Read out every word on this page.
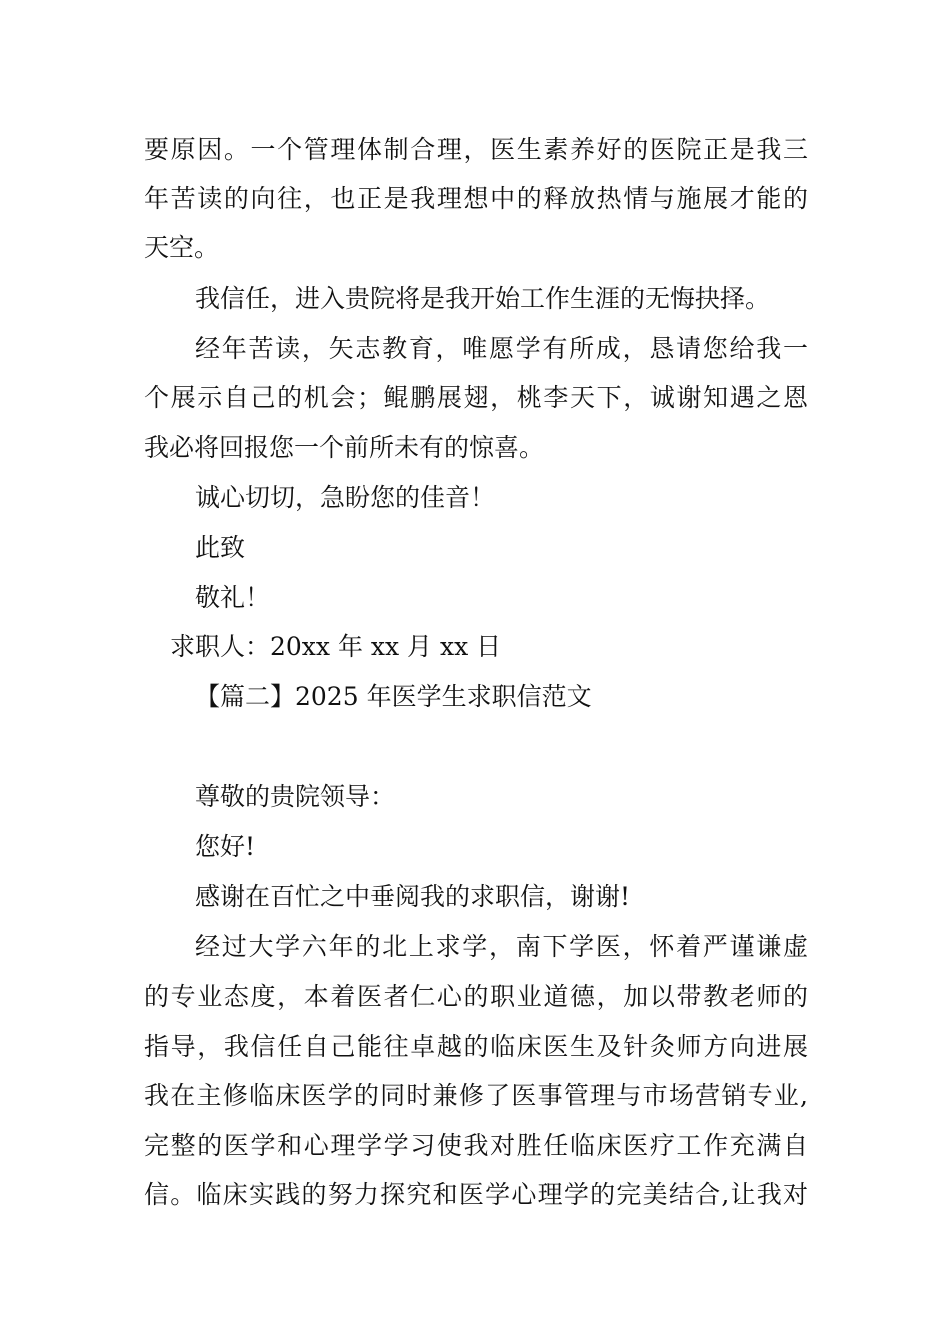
要原因。一个管理体制合理，医生素养好的医院正是我三
年苦读的向往，也正是我理想中的释放热情与施展才能的
天空。
我信任，进入贵院将是我开始工作生涯的无悔抉择。
经年苦读，矢志教育，唯愿学有所成，恳请您给我一
个展示自己的机会；鲲鹏展翅，桃李天下，诚谢知遇之恩
我必将回报您一个前所未有的惊喜。
诚心切切，急盼您的佳音！
此致
敬礼！
求职人：20xx 年 xx 月 xx 日
【篇二】2025 年医学生求职信范文
尊敬的贵院领导：
您好!
感谢在百忙之中垂阅我的求职信，谢谢!
经过大学六年的北上求学，南下学医，怀着严谨谦虚
的专业态度，本着医者仁心的职业道德，加以带教老师的
指导，我信任自己能往卓越的临床医生及针灸师方向进展
我在主修临床医学的同时兼修了医事管理与市场营销专业,
完整的医学和心理学学习使我对胜任临床医疗工作充满自
信。临床实践的努力探究和医学心理学的完美结合,让我对
